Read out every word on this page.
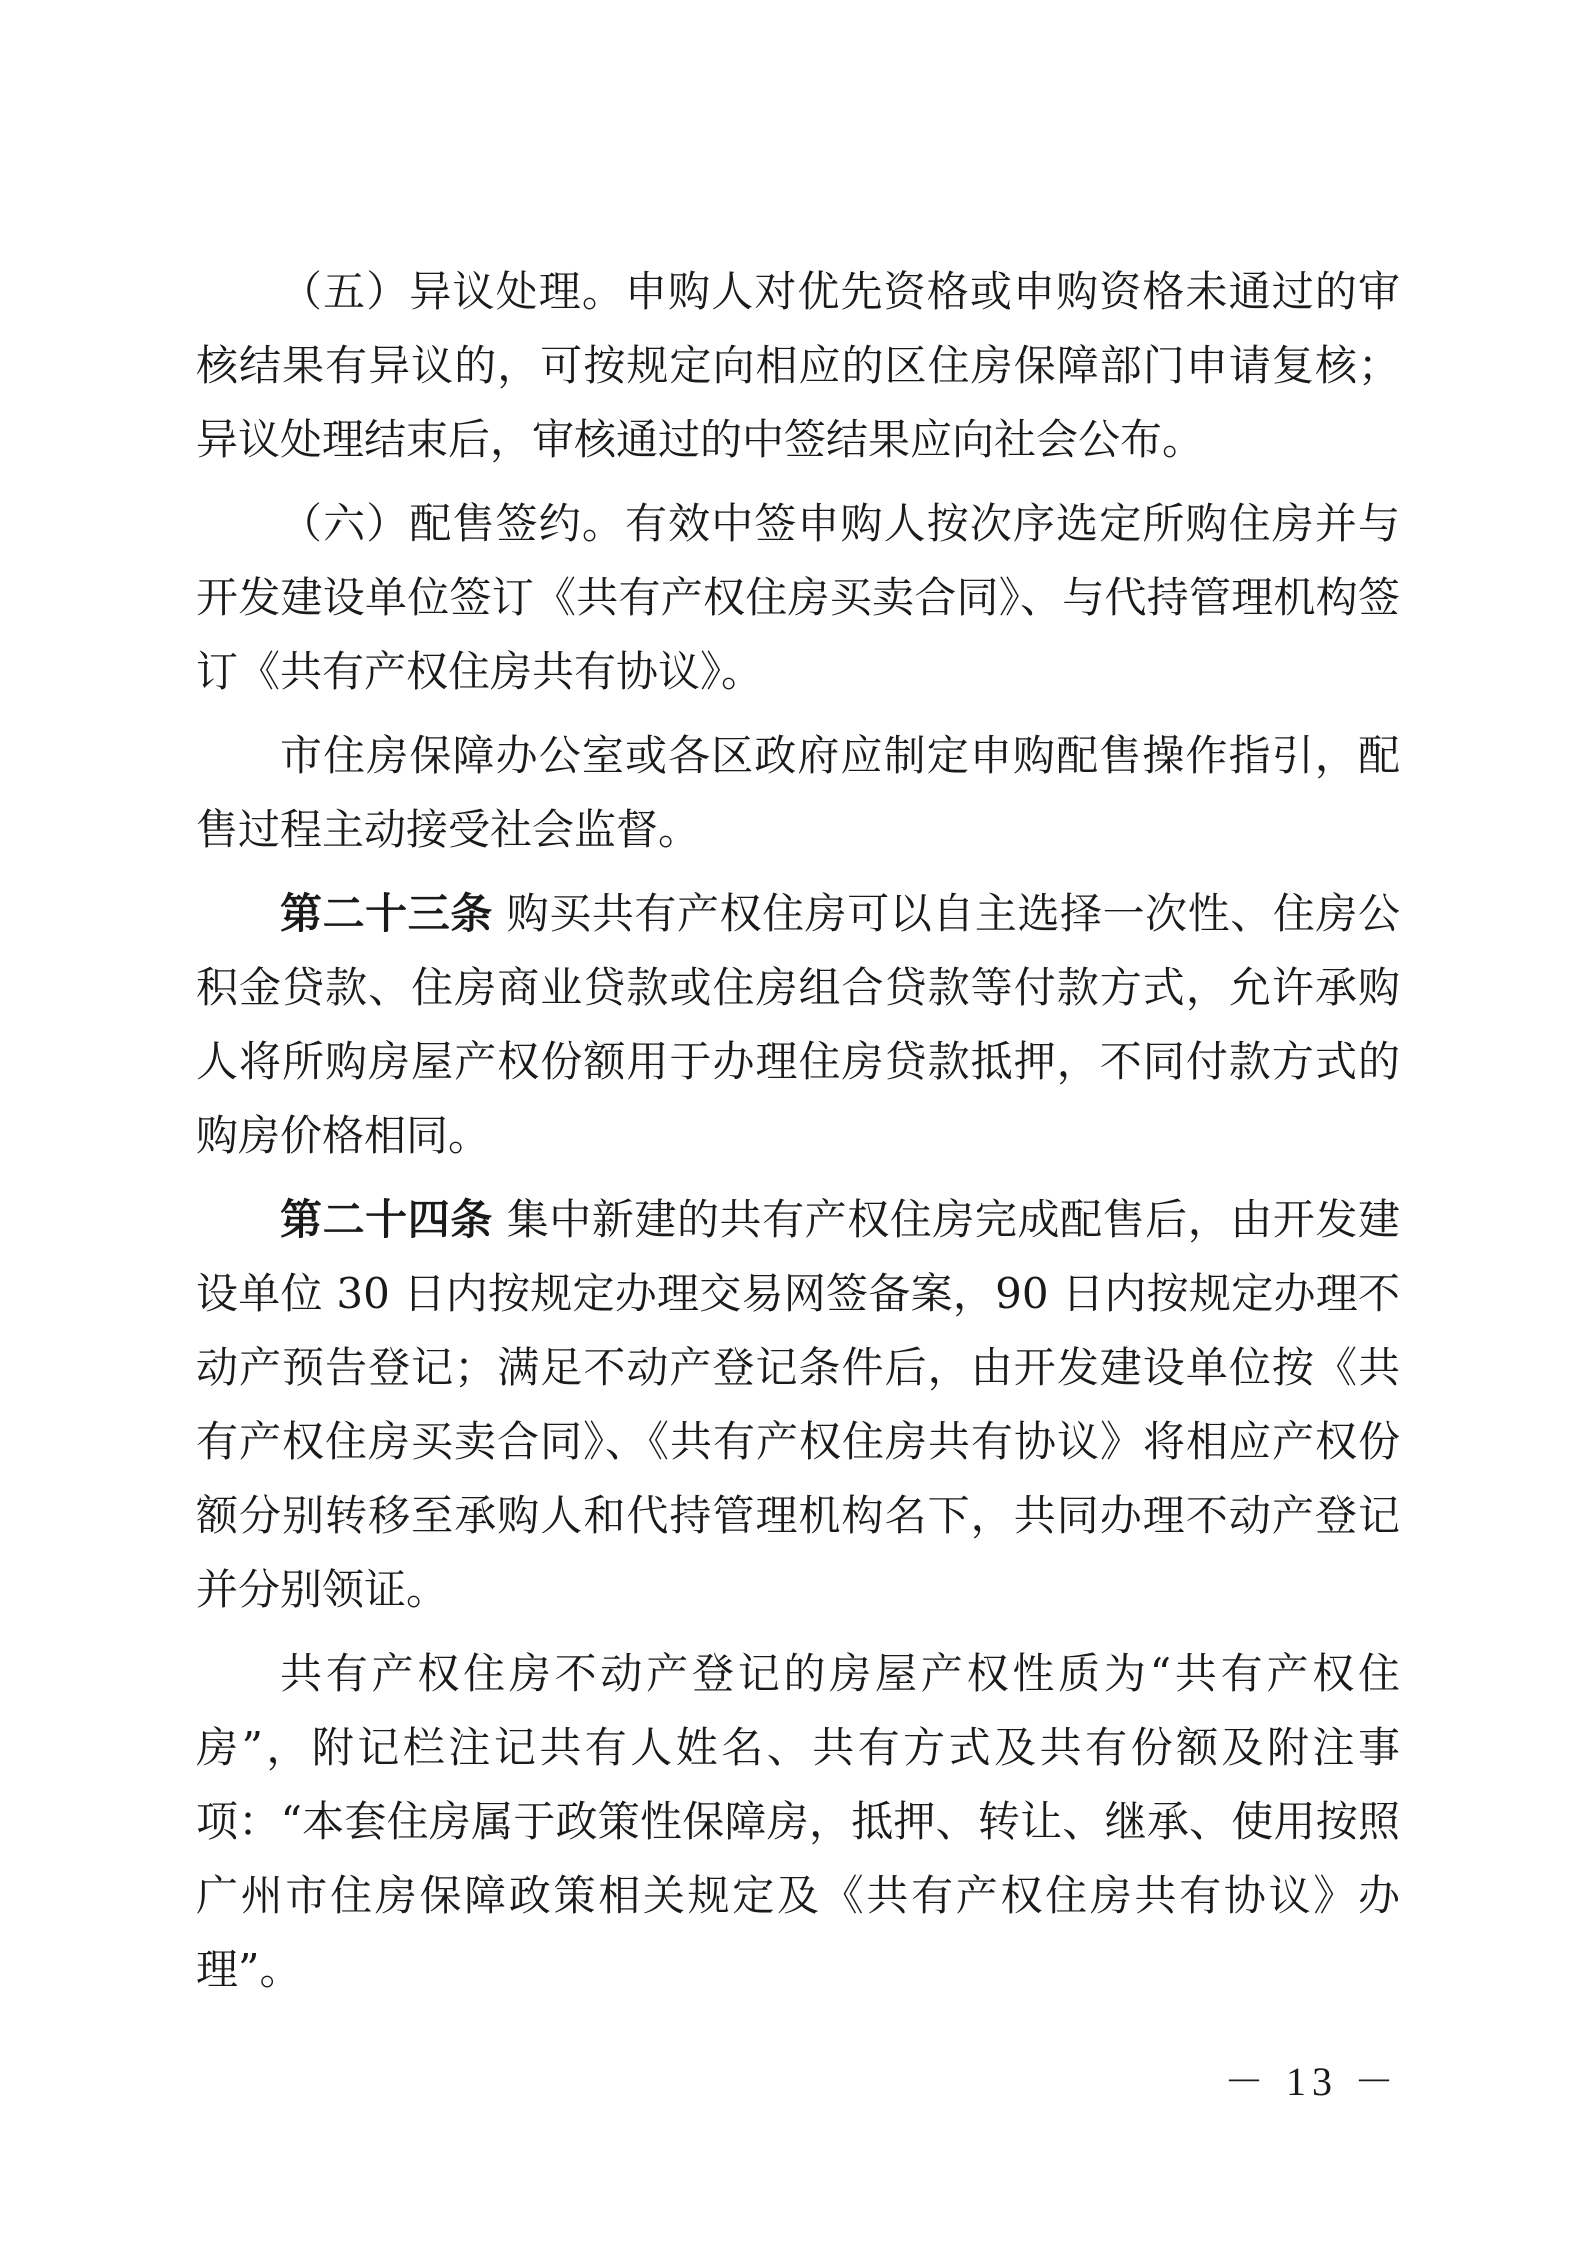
（五）异议处理。申购人对优先资格或申购资格未通过的审核结果有异议的，可按规定向相应的区住房保障部门申请复核；异议处理结束后，审核通过的中签结果应向社会公布。

（六）配售签约。有效中签申购人按次序选定所购住房并与开发建设单位签订《共有产权住房买卖合同》、与代持管理机构签订《共有产权住房共有协议》。

市住房保障办公室或各区政府应制定申购配售操作指引，配售过程主动接受社会监督。

第二十三条 购买共有产权住房可以自主选择一次性、住房公积金贷款、住房商业贷款或住房组合贷款等付款方式，允许承购人将所购房屋产权份额用于办理住房贷款抵押，不同付款方式的购房价格相同。

第二十四条 集中新建的共有产权住房完成配售后，由开发建设单位 30 日内按规定办理交易网签备案，90 日内按规定办理不动产预告登记；满足不动产登记条件后，由开发建设单位按《共有产权住房买卖合同》、《共有产权住房共有协议》将相应产权份额分别转移至承购人和代持管理机构名下，共同办理不动产登记并分别领证。

共有产权住房不动产登记的房屋产权性质为“共有产权住房”，附记栏注记共有人姓名、共有方式及共有份额及附注事项：“本套住房属于政策性保障房，抵押、转让、继承、使用按照广州市住房保障政策相关规定及《共有产权住房共有协议》办理”。

－ 13 －
